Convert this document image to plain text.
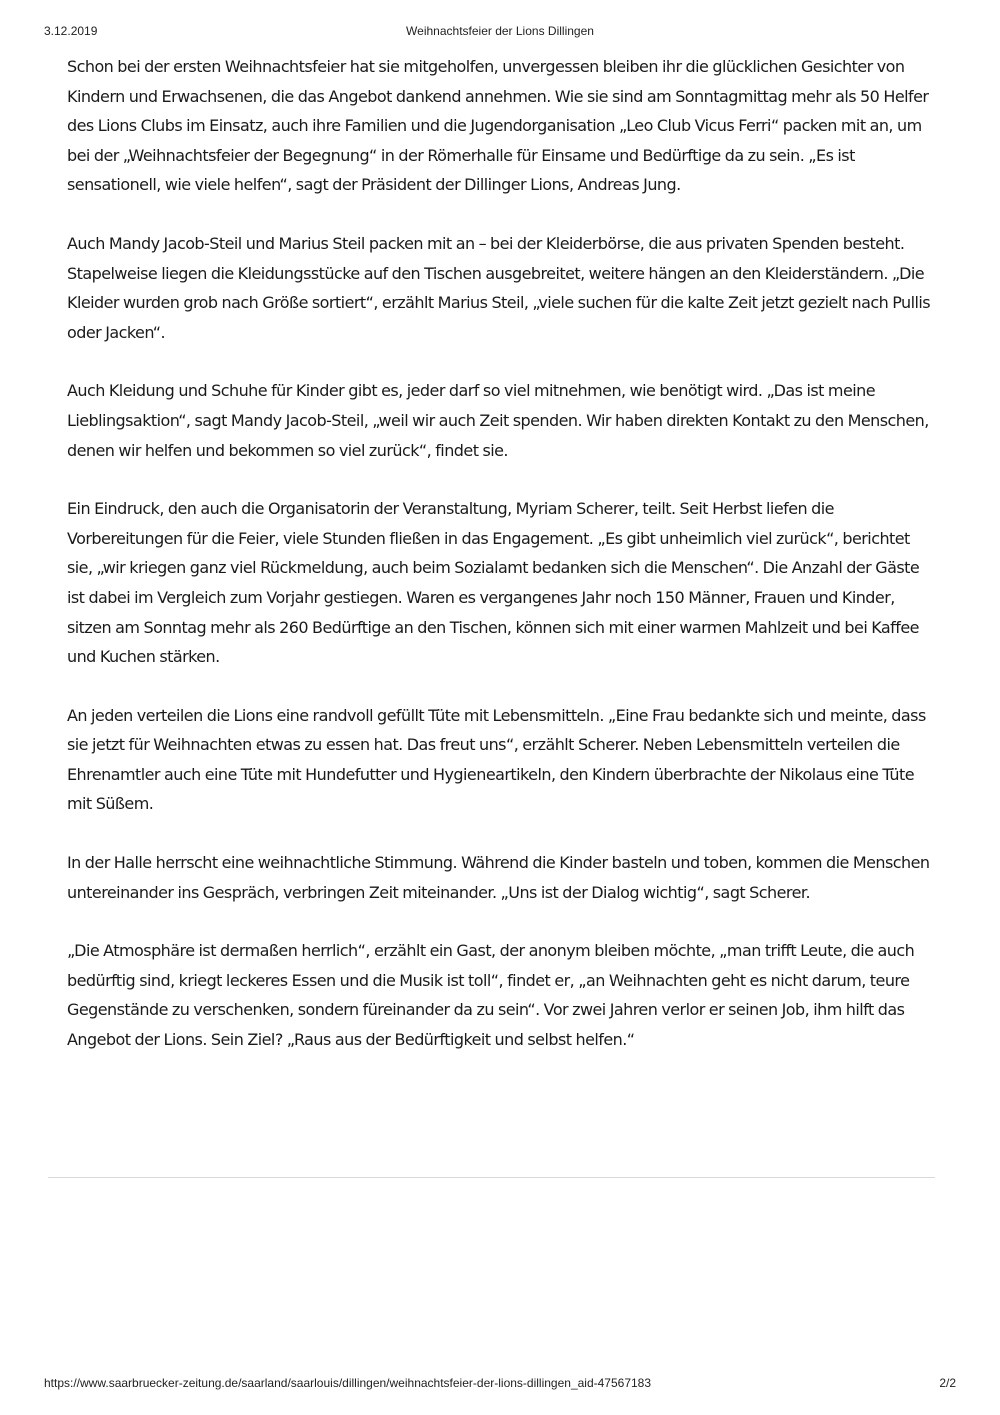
3.12.2019	Weihnachtsfeier der Lions Dillingen

Schon bei der ersten Weihnachtsfeier hat sie mitgeholfen, unvergessen bleiben ihr die glücklichen Gesichter von Kindern und Erwachsenen, die das Angebot dankend annehmen. Wie sie sind am Sonntagmittag mehr als 50 Helfer des Lions Clubs im Einsatz, auch ihre Familien und die Jugendorganisation „Leo Club Vicus Ferri“ packen mit an, um bei der „Weihnachtsfeier der Begegnung“ in der Römerhalle für Einsame und Bedürftige da zu sein. „Es ist sensationell, wie viele helfen“, sagt der Präsident der Dillinger Lions, Andreas Jung.

Auch Mandy Jacob-Steil und Marius Steil packen mit an – bei der Kleiderbörse, die aus privaten Spenden besteht. Stapelweise liegen die Kleidungsstücke auf den Tischen ausgebreitet, weitere hängen an den Kleiderständern. „Die Kleider wurden grob nach Größe sortiert“, erzählt Marius Steil, „viele suchen für die kalte Zeit jetzt gezielt nach Pullis oder Jacken“.

Auch Kleidung und Schuhe für Kinder gibt es, jeder darf so viel mitnehmen, wie benötigt wird. „Das ist meine Lieblingsaktion“, sagt Mandy Jacob-Steil, „weil wir auch Zeit spenden. Wir haben direkten Kontakt zu den Menschen, denen wir helfen und bekommen so viel zurück“, findet sie.

Ein Eindruck, den auch die Organisatorin der Veranstaltung, Myriam Scherer, teilt. Seit Herbst liefen die Vorbereitungen für die Feier, viele Stunden fließen in das Engagement. „Es gibt unheimlich viel zurück“, berichtet sie, „wir kriegen ganz viel Rückmeldung, auch beim Sozialamt bedanken sich die Menschen“. Die Anzahl der Gäste ist dabei im Vergleich zum Vorjahr gestiegen. Waren es vergangenes Jahr noch 150 Männer, Frauen und Kinder, sitzen am Sonntag mehr als 260 Bedürftige an den Tischen, können sich mit einer warmen Mahlzeit und bei Kaffee und Kuchen stärken.

An jeden verteilen die Lions eine randvoll gefüllt Tüte mit Lebensmitteln. „Eine Frau bedankte sich und meinte, dass sie jetzt für Weihnachten etwas zu essen hat. Das freut uns“, erzählt Scherer. Neben Lebensmitteln verteilen die Ehrenamtler auch eine Tüte mit Hundefutter und Hygieneartikeln, den Kindern überbrachte der Nikolaus eine Tüte mit Süßem.

In der Halle herrscht eine weihnachtliche Stimmung. Während die Kinder basteln und toben, kommen die Menschen untereinander ins Gespräch, verbringen Zeit miteinander. „Uns ist der Dialog wichtig“, sagt Scherer.

„Die Atmosphäre ist dermaßen herrlich“, erzählt ein Gast, der anonym bleiben möchte, „man trifft Leute, die auch bedürftig sind, kriegt leckeres Essen und die Musik ist toll“, findet er, „an Weihnachten geht es nicht darum, teure Gegenstände zu verschenken, sondern füreinander da zu sein“. Vor zwei Jahren verlor er seinen Job, ihm hilft das Angebot der Lions. Sein Ziel? „Raus aus der Bedürftigkeit und selbst helfen.“

https://www.saarbruecker-zeitung.de/saarland/saarlouis/dillingen/weihnachtsfeier-der-lions-dillingen_aid-47567183	2/2
